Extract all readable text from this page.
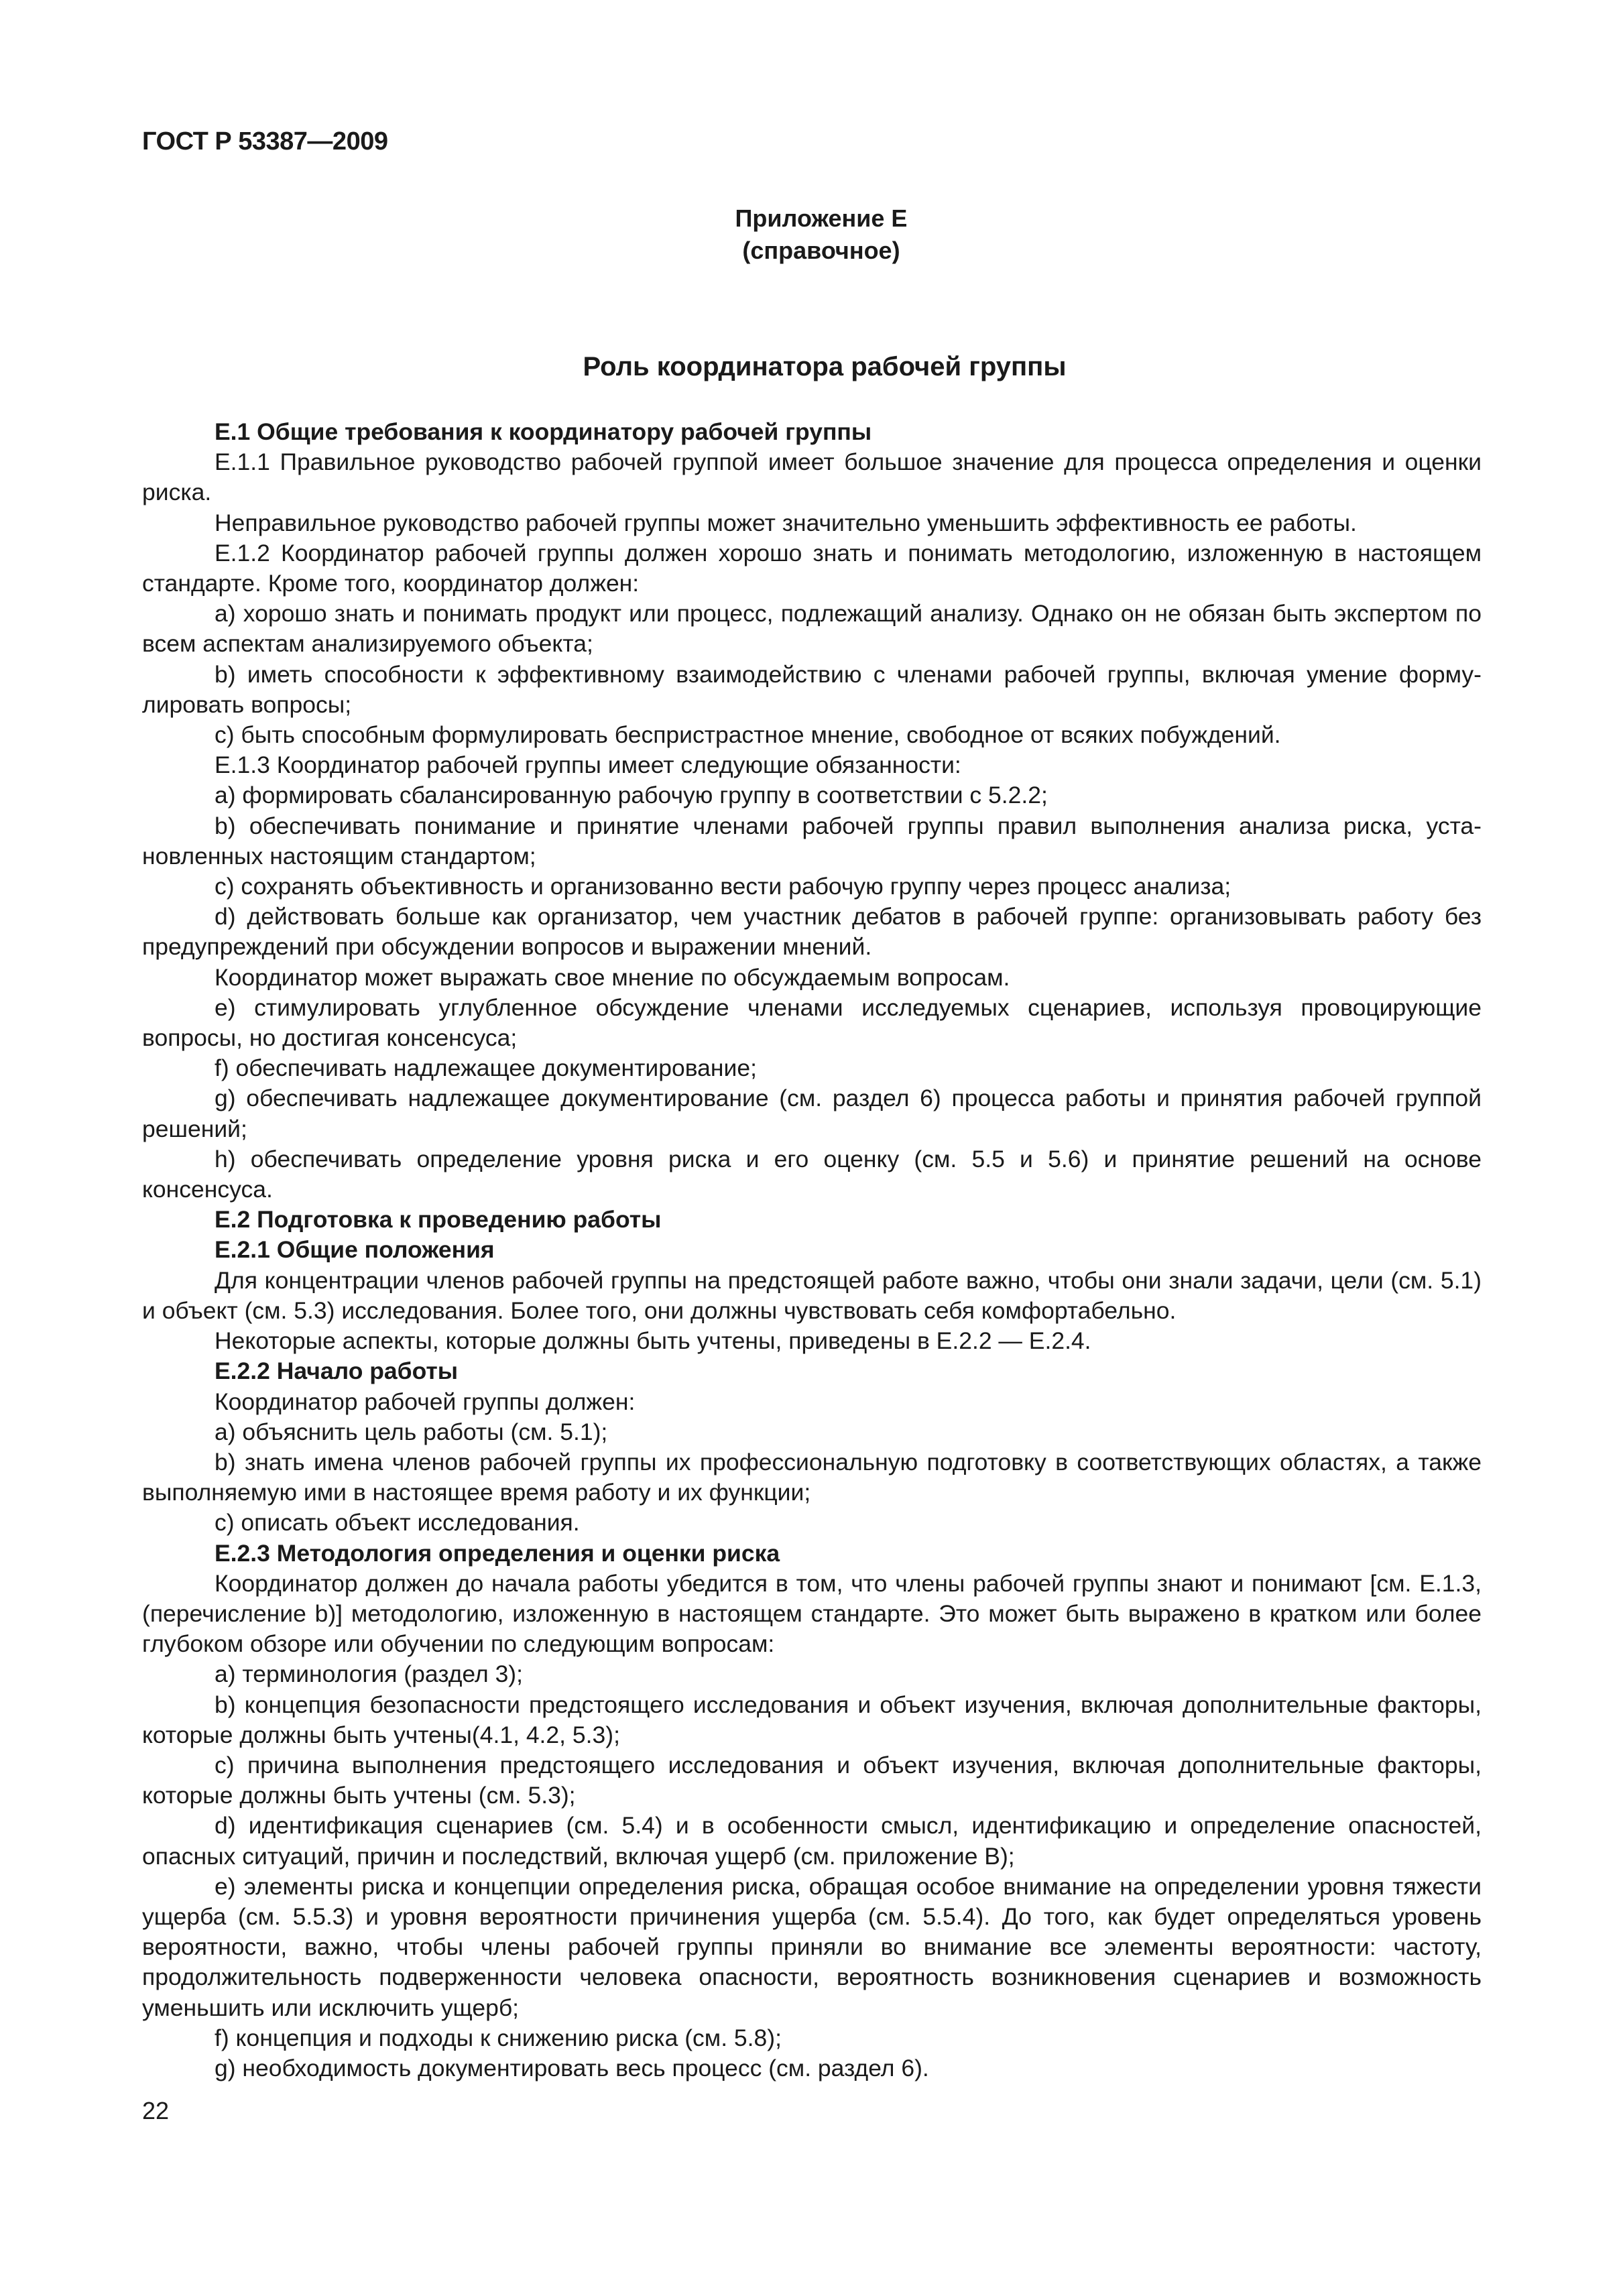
ГОСТ Р 53387—2009
Приложение Е
(справочное)
Роль координатора рабочей группы

Е.1 Общие требования к координатору рабочей группы

Е.1.1 Правильное руководство рабочей группой имеет большое значение для процесса определения и оценки риска.

Неправильное руководство рабочей группы может значительно уменьшить эффективность ее работы.

Е.1.2 Координатор рабочей группы должен хорошо знать и понимать методологию, изложенную в настоящем стандарте. Кроме того, координатор должен:

а) хорошо знать и понимать продукт или процесс, подлежащий анализу. Однако он не обязан быть экспертом по всем аспектам анализируемого объекта;

b) иметь способности к эффективному взаимодействию с членами рабочей группы, включая умение формулировать вопросы;

с) быть способным формулировать беспристрастное мнение, свободное от всяких побуждений.

Е.1.3 Координатор рабочей группы имеет следующие обязанности:

а) формировать сбалансированную рабочую группу в соответствии с 5.2.2;

b) обеспечивать понимание и принятие членами рабочей группы правил выполнения анализа риска, установленных настоящим стандартом;

с) сохранять объективность и организованно вести рабочую группу через процесс анализа;

d) действовать больше как организатор, чем участник дебатов в рабочей группе: организовывать работу без предупреждений при обсуждении вопросов и выражении мнений.

Координатор может выражать свое мнение по обсуждаемым вопросам.

е) стимулировать углубленное обсуждение членами исследуемых сценариев, используя провоцирующие вопросы, но достигая консенсуса;

f) обеспечивать надлежащее документирование;

g) обеспечивать надлежащее документирование (см. раздел 6) процесса работы и принятия рабочей группой решений;

h) обеспечивать определение уровня риска и его оценку (см. 5.5 и 5.6) и принятие решений на основе консенсуса.

Е.2 Подготовка к проведению работы

Е.2.1 Общие положения

Для концентрации членов рабочей группы на предстоящей работе важно, чтобы они знали задачи, цели (см. 5.1) и объект (см. 5.3) исследования. Более того, они должны чувствовать себя комфортабельно.

Некоторые аспекты, которые должны быть учтены, приведены в Е.2.2 — Е.2.4.

Е.2.2 Начало работы

Координатор рабочей группы должен:

а) объяснить цель работы (см. 5.1);

b) знать имена членов рабочей группы их профессиональную подготовку в соответствующих областях, а также выполняемую ими в настоящее время работу и их функции;

с) описать объект исследования.

Е.2.3 Методология определения и оценки риска

Координатор должен до начала работы убедится в том, что члены рабочей группы знают и понимают [см. Е.1.3, (перечисление b)] методологию, изложенную в настоящем стандарте. Это может быть выражено в кратком или более глубоком обзоре или обучении по следующим вопросам:

а) терминология (раздел 3);

b) концепция безопасности предстоящего исследования и объект изучения, включая дополнительные факторы, которые должны быть учтены(4.1, 4.2, 5.3);

с) причина выполнения предстоящего исследования и объект изучения, включая дополнительные факторы, которые должны быть учтены (см. 5.3);

d) идентификация сценариев (см. 5.4) и в особенности смысл, идентификацию и определение опасностей, опасных ситуаций, причин и последствий, включая ущерб (см. приложение В);

е) элементы риска и концепции определения риска, обращая особое внимание на определении уровня тяжести ущерба (см. 5.5.3) и уровня вероятности причинения ущерба (см. 5.5.4). До того, как будет определяться уровень вероятности, важно, чтобы члены рабочей группы приняли во внимание все элементы вероятности: частоту, продолжительность подверженности человека опасности, вероятность возникновения сценариев и возможность уменьшить или исключить ущерб;

f) концепция и подходы к снижению риска (см. 5.8);

g) необходимость документировать весь процесс (см. раздел 6).

22
